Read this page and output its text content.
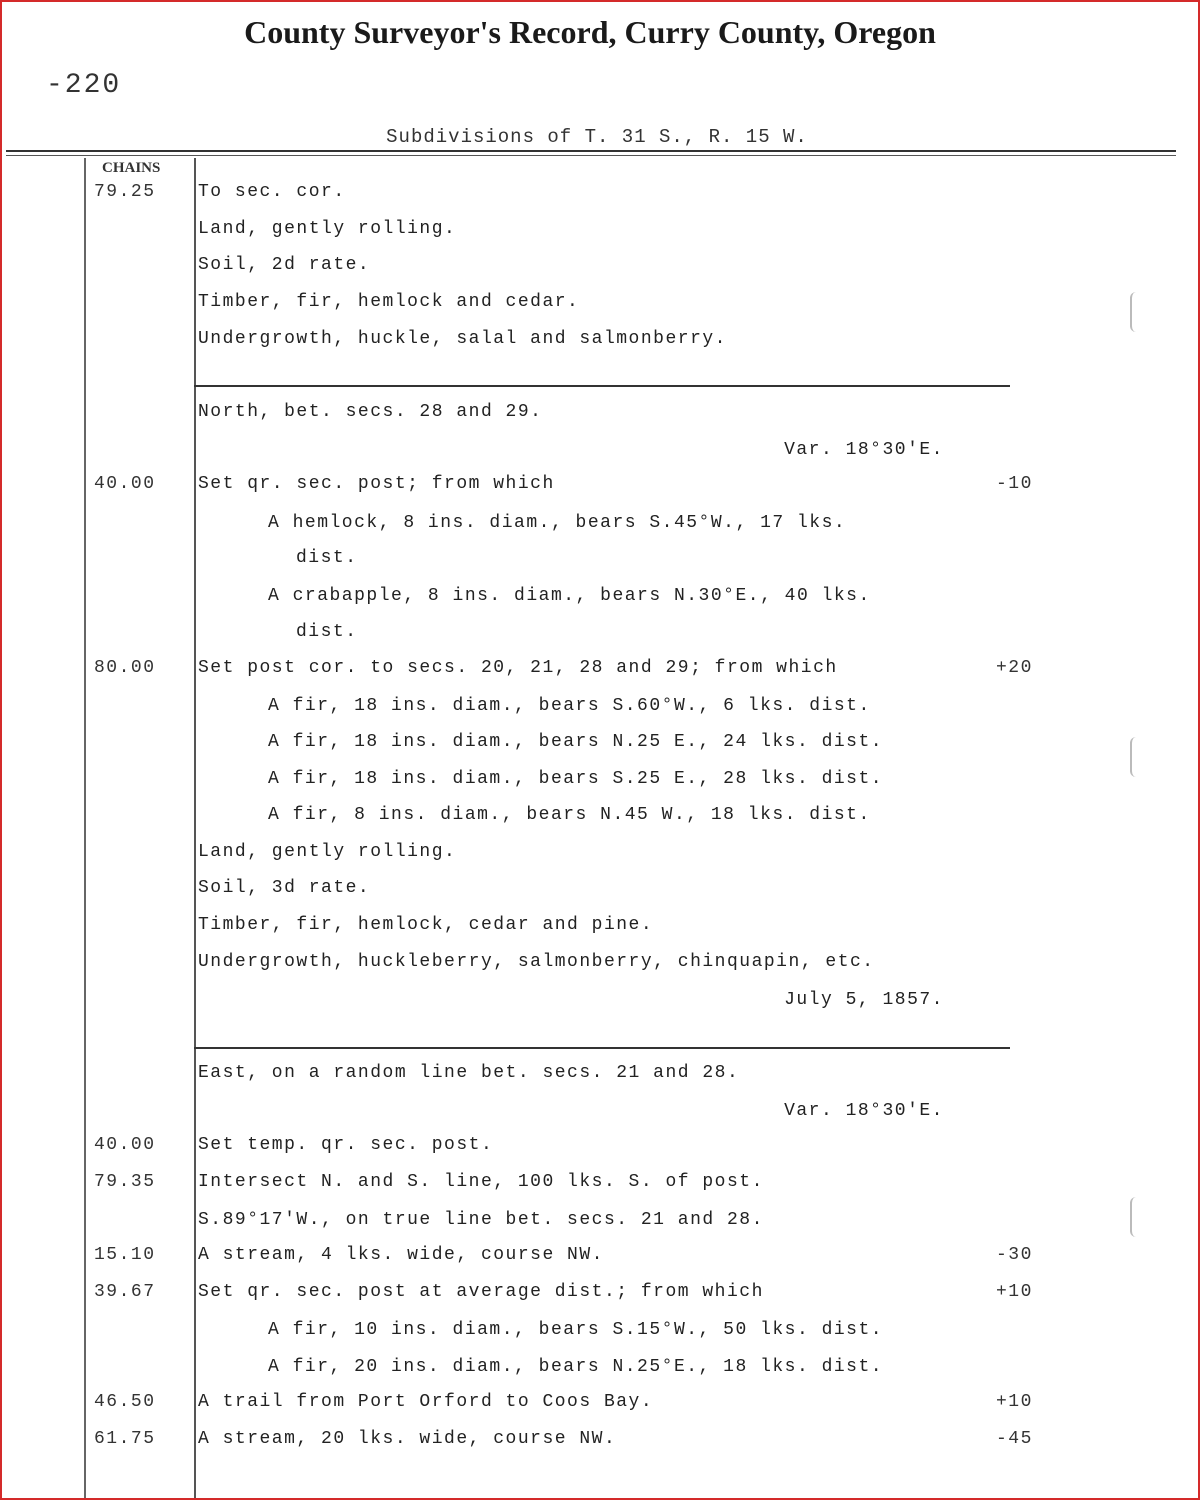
County Surveyor's Record, Curry County, Oregon
-220
Subdivisions of T. 31 S., R. 15 W.
CHAINS
79.25	To sec. cor.
Land, gently rolling.
Soil, 2d rate.
Timber, fir, hemlock and cedar.
Undergrowth, huckle, salal and salmonberry.
North, bet. secs. 28 and 29.
Var. 18°30'E.
40.00	Set qr. sec. post; from which	-10
A hemlock, 8 ins. diam., bears S.45°W., 17 lks.
dist.
A crabapple, 8 ins. diam., bears N.30°E., 40 lks.
dist.
80.00	Set post cor. to secs. 20, 21, 28 and 29; from which	+20
A fir, 18 ins. diam., bears S.60°W., 6 lks. dist.
A fir, 18 ins. diam., bears N.25 E., 24 lks. dist.
A fir, 18 ins. diam., bears S.25 E., 28 lks. dist.
A fir, 8 ins. diam., bears N.45 W., 18 lks. dist.
Land, gently rolling.
Soil, 3d rate.
Timber, fir, hemlock, cedar and pine.
Undergrowth, huckleberry, salmonberry, chinquapin, etc.
July 5, 1857.
East, on a random line bet. secs. 21 and 28.
Var. 18°30'E.
40.00	Set temp. qr. sec. post.
79.35	Intersect N. and S. line, 100 lks. S. of post.
S.89°17'W., on true line bet. secs. 21 and 28.
15.10	A stream, 4 lks. wide, course NW.	-30
39.67	Set qr. sec. post at average dist.; from which	+10
A fir, 10 ins. diam., bears S.15°W., 50 lks. dist.
A fir, 20 ins. diam., bears N.25°E., 18 lks. dist.
46.50	A trail from Port Orford to Coos Bay.	+10
61.75	A stream, 20 lks. wide, course NW.	-45
